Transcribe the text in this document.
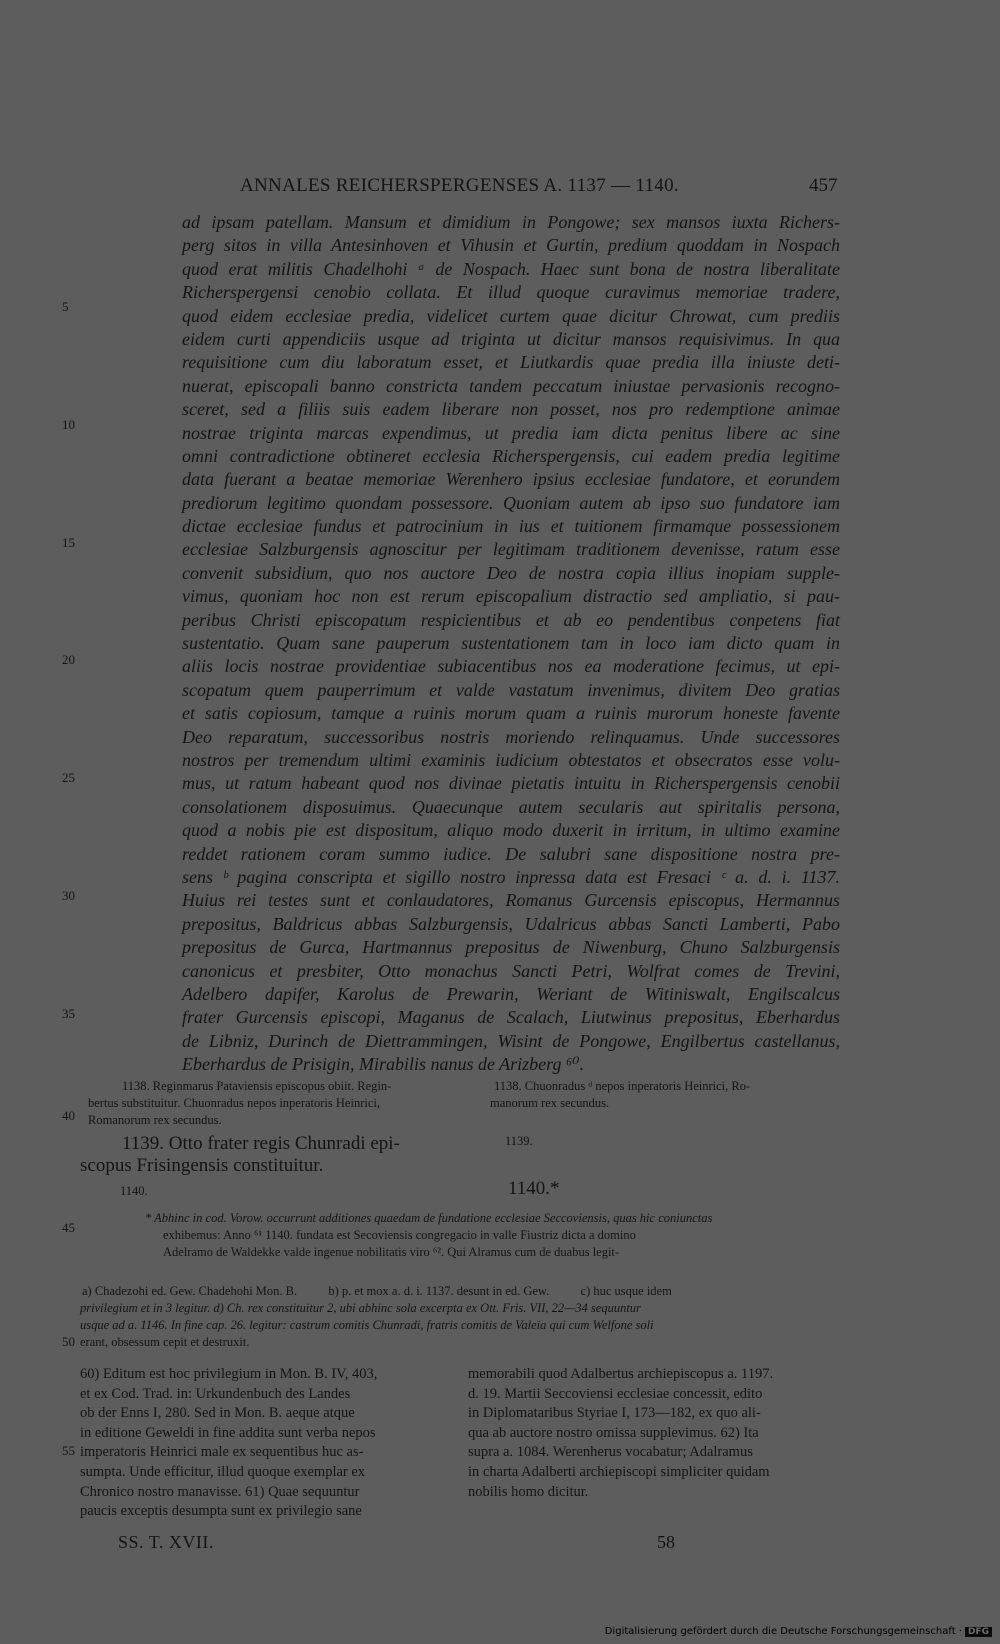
ANNALES REICHERSPERGENSES A. 1137 — 1140.	457
ad ipsam patellam. Mansum et dimidium in Pongowe; sex mansos iuxta Richers-
perg sitos in villa Antesinhoven et Vihusin et Gurtin, predium quoddam in Nospach
quod erat militis Chadelhohi ᵃ de Nospach. Haec sunt bona de nostra liberalitate
Richerspergensi cenobio collata. Et illud quoque curavimus memoriae tradere,
quod eidem ecclesiae predia, videlicet curtem quae dicitur Chrowat, cum prediis
eidem curti appendiciis usque ad triginta ut dicitur mansos requisivimus. In qua
requisitione cum diu laboratum esset, et Liutkardis quae predia illa iniuste deti-
nuerat, episcopali banno constricta tandem peccatum iniustae pervasionis recogno-
sceret, sed a filiis suis eadem liberare non posset, nos pro redemptione animae
nostrae triginta marcas expendimus, ut predia iam dicta penitus libere ac sine
omni contradictione obtineret ecclesia Richerspergensis, cui eadem predia legitime
data fuerant a beatae memoriae Werenhero ipsius ecclesiae fundatore, et eorundem
prediorum legitimo quondam possessore. Quoniam autem ab ipso suo fundatore iam
dictae ecclesiae fundus et patrocinium in ius et tuitionem firmamque possessionem
ecclesiae Salzburgensis agnoscitur per legitimam traditionem devenisse, ratum esse
convenit subsidium, quo nos auctore Deo de nostra copia illius inopiam supple-
vimus, quoniam hoc non est rerum episcopalium distractio sed ampliatio, si pau-
peribus Christi episcopatum respicientibus et ab eo pendentibus conpetens fiat
sustentatio. Quam sane pauperum sustentationem tam in loco iam dicto quam in
aliis locis nostrae providentiae subiacentibus nos ea moderatione fecimus, ut epi-
scopatum quem pauperrimum et valde vastatum invenimus, divitem Deo gratias
et satis copiosum, tamque a ruinis morum quam a ruinis murorum honeste favente
Deo reparatum, successoribus nostris moriendo relinquamus. Unde successores
nostros per tremendum ultimi examinis iudicium obtestatos et obsecratos esse volu-
mus, ut ratum habeant quod nos divinae pietatis intuitu in Richerspergensis cenobii
consolationem disposuimus. Quaecunque autem secularis aut spiritalis persona,
quod a nobis pie est dispositum, aliquo modo duxerit in irritum, in ultimo examine
reddet rationem coram summo iudice. De salubri sane dispositione nostra pre-
sens ᵇ pagina conscripta et sigillo nostro inpressa data est Fresaci ᶜ a. d. i. 1137.
Huius rei testes sunt et conlaudatores, Romanus Gurcensis episcopus, Hermannus
prepositus, Baldricus abbas Salzburgensis, Udalricus abbas Sancti Lamberti, Pabo
prepositus de Gurca, Hartmannus prepositus de Niwenburg, Chuno Salzburgensis
canonicus et presbiter, Otto monachus Sancti Petri, Wolfrat comes de Trevini,
Adelbero dapifer, Karolus de Prewarin, Weriant de Witiniswalt, Engilscalcus
frater Gurcensis episcopi, Maganus de Scalach, Liutwinus prepositus, Eberhardus
de Libniz, Durinch de Diettrammingen, Wisint de Pongowe, Engilbertus castellanus,
Eberhardus de Prisigin, Mirabilis nanus de Arizberg ⁶⁰.
5
10
15
20
25
30
35
40
45
50
55
1138. Reginmarus Pataviensis episcopus obiit. Regin-
bertus substituitur. Chuonradus nepos inperatoris Heinrici,
Romanorum rex secundus.
1138. Chuonradus ᵈ nepos inperatoris Heinrici, Ro-
manorum rex secundus.
1139. Otto frater regis Chunradi epi-
scopus Frisingensis constituitur.
1139.
1140.	1140.*
* Abhinc in cod. Vorow. occurrunt additiones quaedam de fundatione ecclesiae Seccoviensis, quas hic coniunctas
exhibemus: Anno ⁶¹ 1140. fundata est Secoviensis congregacio in valle Fiustriz dicta a domino
Adelramo de Waldekke valde ingenue nobilitatis viro ⁶². Qui Alramus cum de duabus legit-
a) Chadezohi ed. Gew. Chadehohi Mon. B.          b) p. et mox a. d. i. 1137. desunt in ed. Gew.          c) huc usque idem
privilegium et in 3 legitur. d) Ch. rex constituitur 2, ubi abhinc sola excerpta ex Ott. Fris. VII, 22—34 sequuntur
usque ad a. 1146. In fine cap. 26. legitur: castrum comitis Chunradi, fratris comitis de Valeia qui cum Welfone soli
erant, obsessum cepit et destruxit.
60) Editum est hoc privilegium in Mon. B. IV, 403,
et ex Cod. Trad. in: Urkundenbuch des Landes
ob der Enns I, 280. Sed in Mon. B. aeque atque
in editione Geweldi in fine addita sunt verba nepos
imperatoris Heinrici male ex sequentibus huc as-
sumpta. Unde efficitur, illud quoque exemplar ex
Chronico nostro manavisse. 61) Quae sequuntur
paucis exceptis desumpta sunt ex privilegio sane
memorabili quod Adalbertus archiepiscopus a. 1197.
d. 19. Martii Seccoviensi ecclesiae concessit, edito
in Diplomataribus Styriae I, 173—182, ex quo ali-
qua ab auctore nostro omissa supplevimus. 62) Ita
supra a. 1084. Werenherus vocabatur; Adalramus
in charta Adalberti archiepiscopi simpliciter quidam
nobilis homo dicitur.
SS. T. XVII.	58
Digitalisierung gefördert durch die Deutsche Forschungsgemeinschaft · DFG
